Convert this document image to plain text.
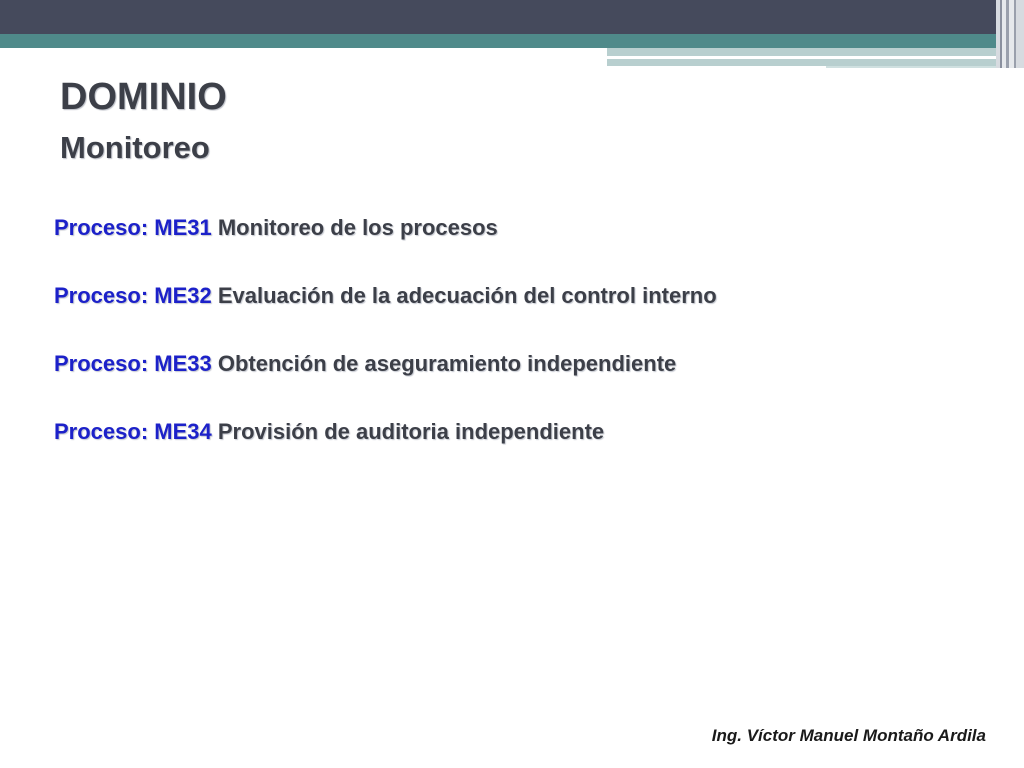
DOMINIO
Monitoreo
Proceso: ME31 Monitoreo de los procesos
Proceso: ME32 Evaluación de la adecuación del control interno
Proceso: ME33 Obtención de aseguramiento independiente
Proceso: ME34 Provisión de auditoria independiente
Ing. Víctor Manuel Montaño Ardila
